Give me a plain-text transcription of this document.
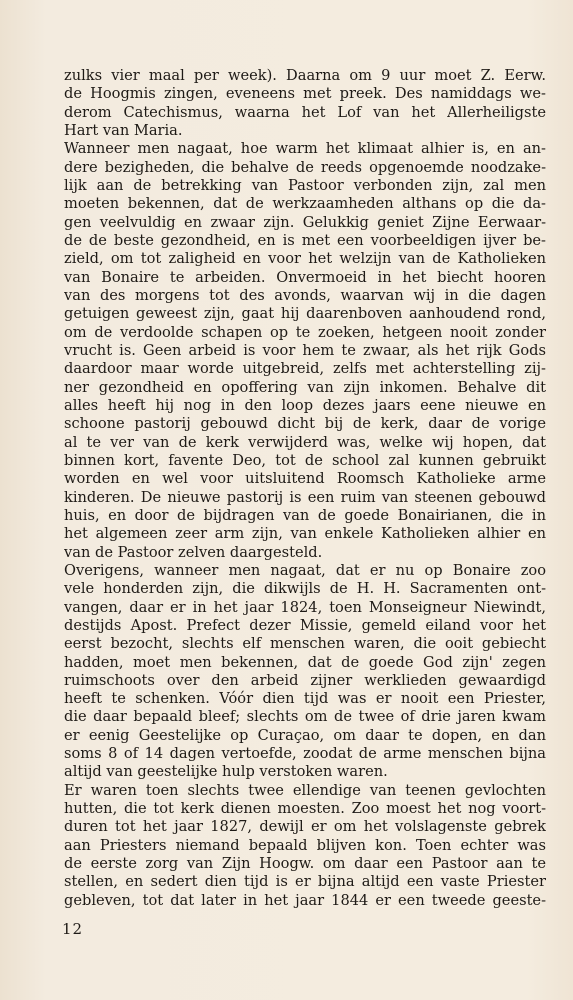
zulks vier maal per week). Daarna om 9 uur moet Z. Eerw.
de Hoogmis zingen, eveneens met preek. Des namiddags we-
derom Catechismus, waarna het Lof van het Allerheiligste
Hart van Maria.
Wanneer men nagaat, hoe warm het klimaat alhier is, en an-
dere bezigheden, die behalve de reeds opgenoemde noodzake-
lijk aan de betrekking van Pastoor verbonden zijn, zal men
moeten bekennen, dat de werkzaamheden althans op die da-
gen veelvuldig en zwaar zijn. Gelukkig geniet Zijne Eerwaar-
de de beste gezondheid, en is met een voorbeeldigen ijver be-
zield, om tot zaligheid en voor het welzijn van de Katholieken
van Bonaire te arbeiden. Onvermoeid in het biecht hooren
van des morgens tot des avonds, waarvan wij in die dagen
getuigen geweest zijn, gaat hij daarenboven aanhoudend rond,
om de verdoolde schapen op te zoeken, hetgeen nooit zonder
vrucht is. Geen arbeid is voor hem te zwaar, als het rijk Gods
daardoor maar worde uitgebreid, zelfs met achterstelling zij-
ner gezondheid en opoffering van zijn inkomen. Behalve dit
alles heeft hij nog in den loop dezes jaars eene nieuwe en
schoone pastorij gebouwd dicht bij de kerk, daar de vorige
al te ver van de kerk verwijderd was, welke wij hopen, dat
binnen kort, favente Deo, tot de school zal kunnen gebruikt
worden en wel voor uitsluitend Roomsch Katholieke arme
kinderen. De nieuwe pastorij is een ruim van steenen gebouwd
huis, en door de bijdragen van de goede Bonairianen, die in
het algemeen zeer arm zijn, van enkele Katholieken alhier en
van de Pastoor zelven daargesteld.
Overigens, wanneer men nagaat, dat er nu op Bonaire zoo
vele honderden zijn, die dikwijls de H. H. Sacramenten ont-
vangen, daar er in het jaar 1824, toen Monseigneur Niewindt,
destijds Apost. Prefect dezer Missie, gemeld eiland voor het
eerst bezocht, slechts elf menschen waren, die ooit gebiecht
hadden, moet men bekennen, dat de goede God zijn' zegen
ruimschoots over den arbeid zijner werklieden gewaardigd
heeft te schenken. Vóór dien tijd was er nooit een Priester,
die daar bepaald bleef; slechts om de twee of drie jaren kwam
er eenig Geestelijke op Curaçao, om daar te dopen, en dan
soms 8 of 14 dagen vertoefde, zoodat de arme menschen bijna
altijd van geestelijke hulp verstoken waren.
Er waren toen slechts twee ellendige van teenen gevlochten
hutten, die tot kerk dienen moesten. Zoo moest het nog voort-
duren tot het jaar 1827, dewijl er om het volslagenste gebrek
aan Priesters niemand bepaald blijven kon. Toen echter was
de eerste zorg van Zijn Hoogw. om daar een Pastoor aan te
stellen, en sedert dien tijd is er bijna altijd een vaste Priester
gebleven, tot dat later in het jaar 1844 er een tweede geeste-
12
